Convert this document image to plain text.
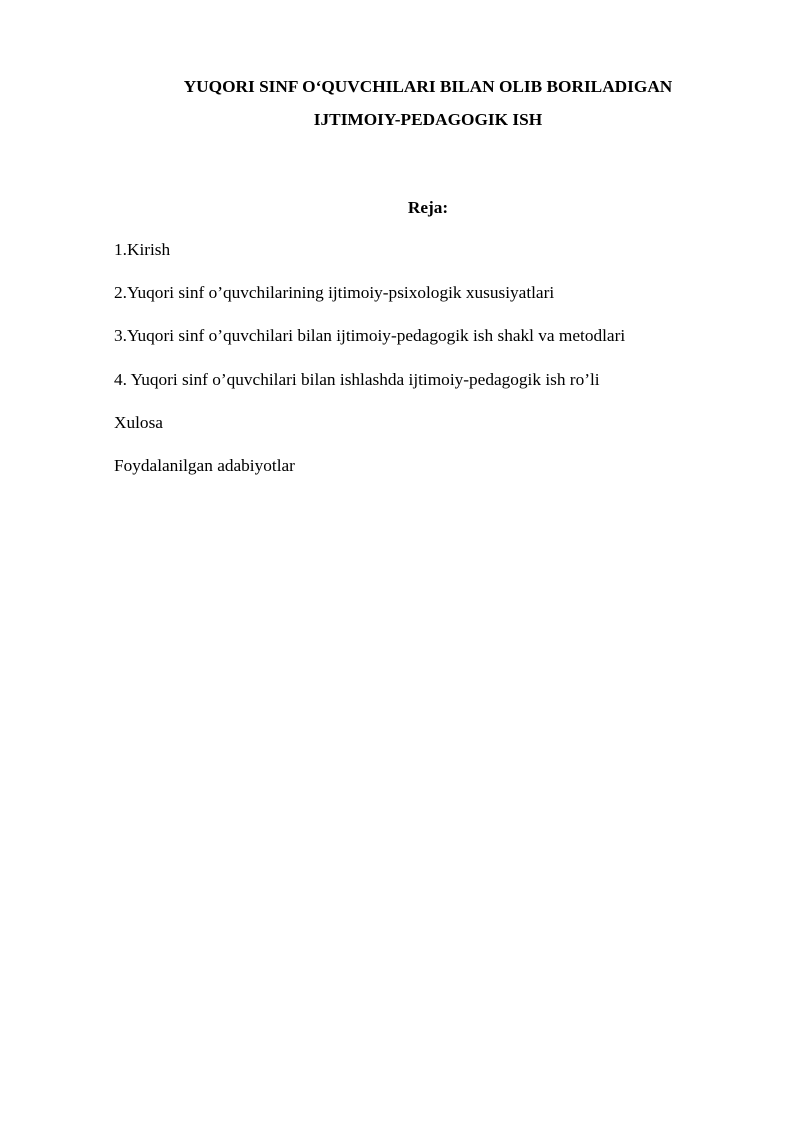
YUQORI SINF O‘QUVCHILARI BILAN OLIB BORILADIGAN
IJTIMOIY-PEDAGOGIK ISH
Reja:
1.Kirish
2.Yuqori sinf o’quvchilarining ijtimoiy-psixologik xususiyatlari
3.Yuqori sinf o’quvchilari bilan ijtimoiy-pedagogik ish shakl va metodlari
4. Yuqori sinf o’quvchilari bilan ishlashda ijtimoiy-pedagogik ish ro’li
Xulosa
Foydalanilgan adabiyotlar
